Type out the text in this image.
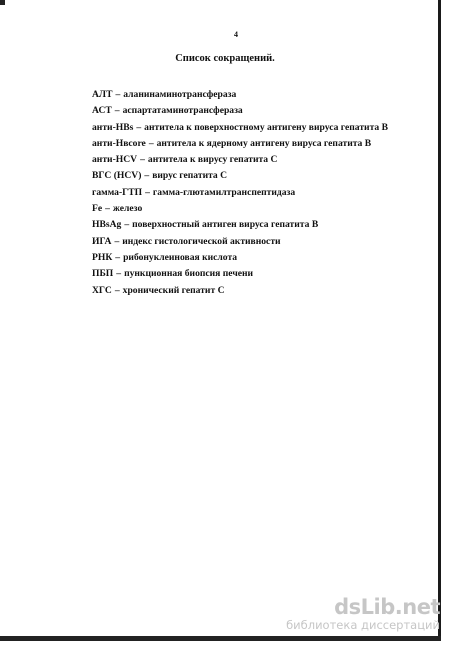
4
Список сокращений.
АЛТ – аланинаминотрансфераза
АСТ – аспартатаминотрансфераза
анти-HBs – антитела к поверхностному антигену вируса гепатита В
анти-Hвcore – антитела к ядерному антигену вируса гепатита В
анти-HCV – антитела к вирусу гепатита С
ВГС (HCV) – вирус гепатита С
гамма-ГТП – гамма-глютамилтранспептидаза
Fe – железо
HBsAg – поверхностный антиген вируса гепатита В
ИГА – индекс гистологической активности
РНК – рибонуклеиновая кислота
ПБП – пункционная биопсия печени
ХГС – хронический гепатит С
dsLib.net
библиотека диссертаций
